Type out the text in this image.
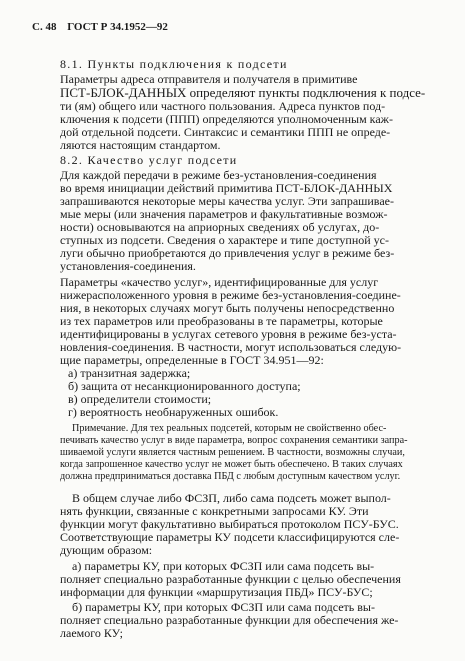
С. 48 ГОСТ Р 34.1952—92
8.1. Пункты подключения к подсети
Параметры адреса отправителя и получателя в примитиве
ПСТ-БЛОК-ДАННЫХ определяют пункты подключения к подсе-
ти (ям) общего или частного пользования. Адреса пунктов под-
ключения к подсети (ППП) определяются уполномоченным каж-
дой отдельной подсети. Синтаксис и семантики ППП не опреде-
ляются настоящим стандартом.
8.2. Качество услуг подсети
Для каждой передачи в режиме без-установления-соединения
во время инициации действий примитива ПСТ-БЛОК-ДАННЫХ
запрашиваются некоторые меры качества услуг. Эти запрашивае-
мые меры (или значения параметров и факультативные возмож-
ности) основываются на априорных сведениях об услугах, до-
ступных из подсети. Сведения о характере и типе доступной ус-
луги обычно приобретаются до привлечения услуг в режиме без-
установления-соединения.
Параметры «качество услуг», идентифицированные для услуг
нижерасположенного уровня в режиме без-установления-соедине-
ния, в некоторых случаях могут быть получены непосредственно
из тех параметров или преобразованы в те параметры, которые
идентифицированы в услугах сетевого уровня в режиме без-уста-
новления-соединения. В частности, могут использоваться следую-
щие параметры, определенные в ГОСТ 34.951—92:
а) транзитная задержка;
б) защита от несанкционированного доступа;
в) определители стоимости;
г) вероятность необнаруженных ошибок.
Примечание. Для тех реальных подсетей, которым не свойственно обес-
печивать качество услуг в виде параметра, вопрос сохранения семантики запра-
шиваемой услуги является частным решением. В частности, возможны случаи,
когда запрошенное качество услуг не может быть обеспечено. В таких случаях
должна предприниматься доставка ПБД с любым доступным качеством услуг.
В общем случае либо ФСЗП, либо сама подсеть может выпол-
нять функции, связанные с конкретными запросами КУ. Эти
функции могут факультативно выбираться протоколом ПСУ-БУС.
Соответствующие параметры КУ подсети классифицируются сле-
дующим образом:
а) параметры КУ, при которых ФСЗП или сама подсеть вы-
полняет специально разработанные функции с целью обеспечения
информации для функции «маршрутизация ПБД» ПСУ-БУС;
б) параметры КУ, при которых ФСЗП или сама подсеть вы-
полняет специально разработанные функции для обеспечения же-
лаемого КУ;
